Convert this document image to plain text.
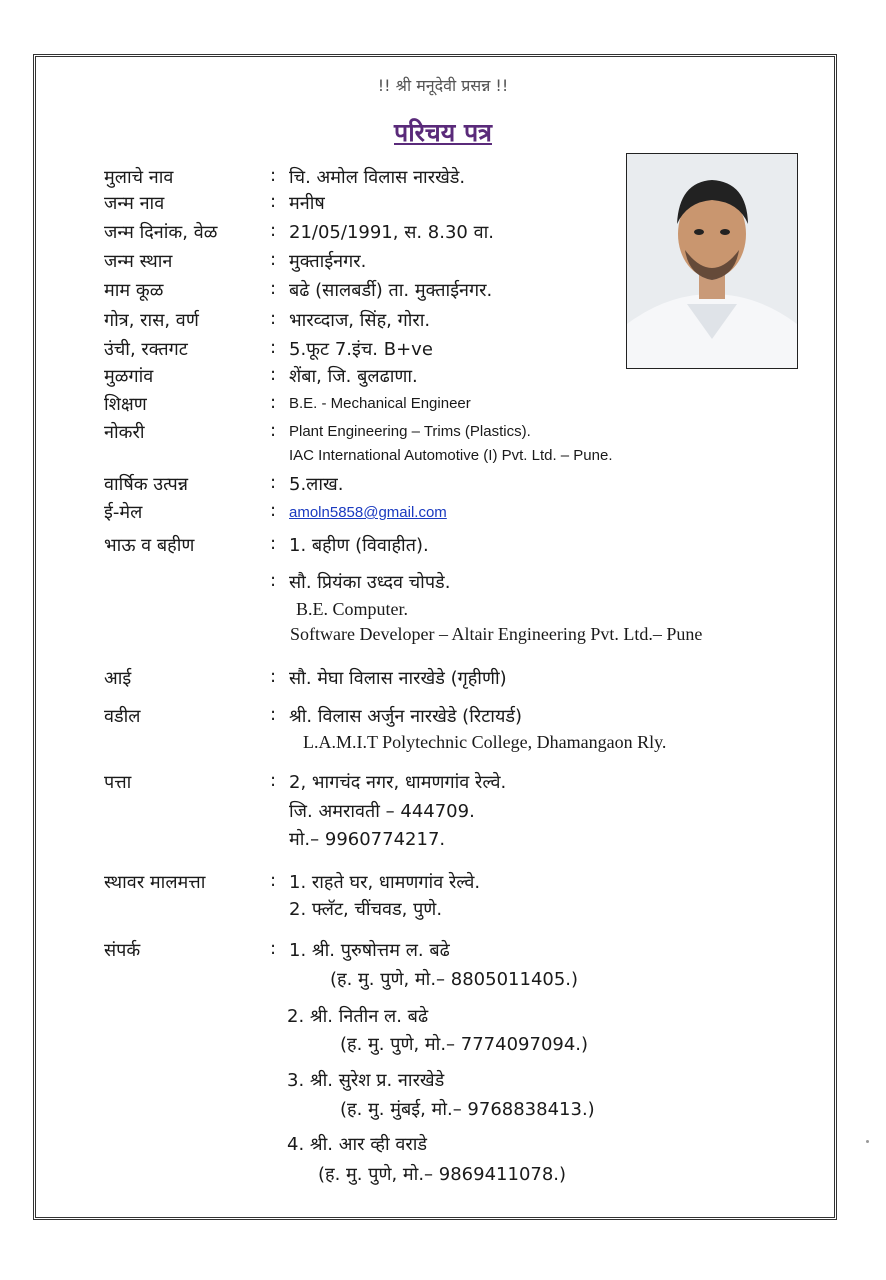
!! श्री मनूदेवी प्रसन्न !!
परिचय पत्र
मुलाचे नाव
जन्म नाव
जन्म दिनांक, वेळ
जन्म स्थान
माम कूळ
गोत्र, रास, वर्ण
उंची, रक्तगट
मुळगांव
शिक्षण
नोकरी
वार्षिक उत्पन्न
ई-मेल
भाऊ व बहीण
आई
वडील
पत्ता
स्थावर मालमत्ता
संपर्क
:
:
:
:
:
:
:
:
:
:
:
:
:
:
:
:
:
:
:
चि. अमोल विलास नारखेडे.
मनीष
21/05/1991, स. 8.30 वा.
मुक्ताईनगर.
बढे (सालबर्डी) ता. मुक्ताईनगर.
भारव्दाज, सिंह, गोरा.
5.फूट 7.इंच. B+ve
शेंबा, जि. बुलढाणा.
B.E. - Mechanical Engineer
Plant Engineering – Trims (Plastics).
IAC International Automotive (I) Pvt. Ltd. – Pune.
5.लाख.
amoln5858@gmail.com
1. बहीण (विवाहीत).
सौ. प्रियंका उध्दव चोपडे.
B.E. Computer.
Software Developer – Altair Engineering Pvt. Ltd.– Pune
सौ. मेघा विलास नारखेडे (गृहीणी)
श्री. विलास अर्जुन नारखेडे (रिटायर्ड)
L.A.M.I.T Polytechnic College, Dhamangaon Rly.
2, भागचंद नगर, धामणगांव रेल्वे.
जि. अमरावती – 444709.
मो.– 9960774217.
1. राहते घर, धामणगांव रेल्वे.
2. फ्लॅट, चींचवड, पुणे.
1. श्री. पुरुषोत्तम ल. बढे
(ह. मु. पुणे, मो.– 8805011405.)
2. श्री. नितीन ल. बढे
(ह. मु. पुणे, मो.– 7774097094.)
3. श्री. सुरेश प्र. नारखेडे
(ह. मु. मुंबई, मो.– 9768838413.)
4. श्री. आर व्ही वराडे
(ह. मु. पुणे, मो.– 9869411078.)
